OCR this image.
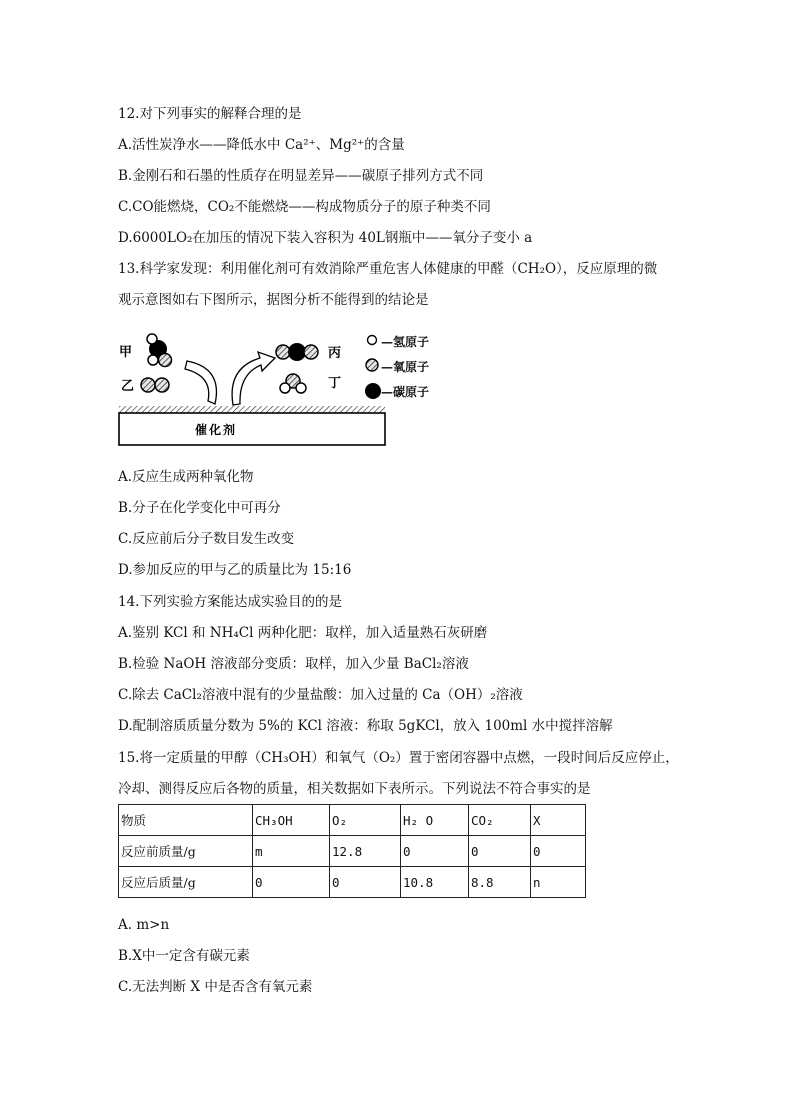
12.对下列事实的解释合理的是
A.活性炭净水——降低水中 Ca²⁺、Mg²⁺的含量
B.金刚石和石墨的性质存在明显差异——碳原子排列方式不同
C.CO能燃烧，CO₂不能燃烧——构成物质分子的原子种类不同
D.6000LO₂在加压的情况下装入容积为 40L钢瓶中——氧分子变小 a
13.科学家发现：利用催化剂可有效消除严重危害人体健康的甲醛（CH₂O），反应原理的微
观示意图如右下图所示，据图分析不能得到的结论是
甲
乙
丙
丁
催化剂
—氢原子
—氧原子
—碳原子
A.反应生成两种氧化物
B.分子在化学变化中可再分
C.反应前后分子数目发生改变
D.参加反应的甲与乙的质量比为 15:16
14.下列实验方案能达成实验目的的是
A.鉴别 KCl 和 NH₄Cl 两种化肥：取样，加入适量熟石灰研磨
B.检验 NaOH 溶液部分变质：取样，加入少量 BaCl₂溶液
C.除去 CaCl₂溶液中混有的少量盐酸：加入过量的 Ca（OH）₂溶液
D.配制溶质质量分数为 5%的 KCl 溶液：称取 5gKCl，放入 100ml 水中搅拌溶解
15.将一定质量的甲醇（CH₃OH）和氧气（O₂）置于密闭容器中点燃，一段时间后反应停止，
冷却、测得反应后各物的质量，相关数据如下表所示。下列说法不符合事实的是
物质	CH₃OH	O₂	H₂ O	CO₂	X
反应前质量/g	m	12.8	0	0	0
反应后质量/g	0	0	10.8	8.8	n
A. m>n
B.X中一定含有碳元素
C.无法判断 X 中是否含有氧元素
